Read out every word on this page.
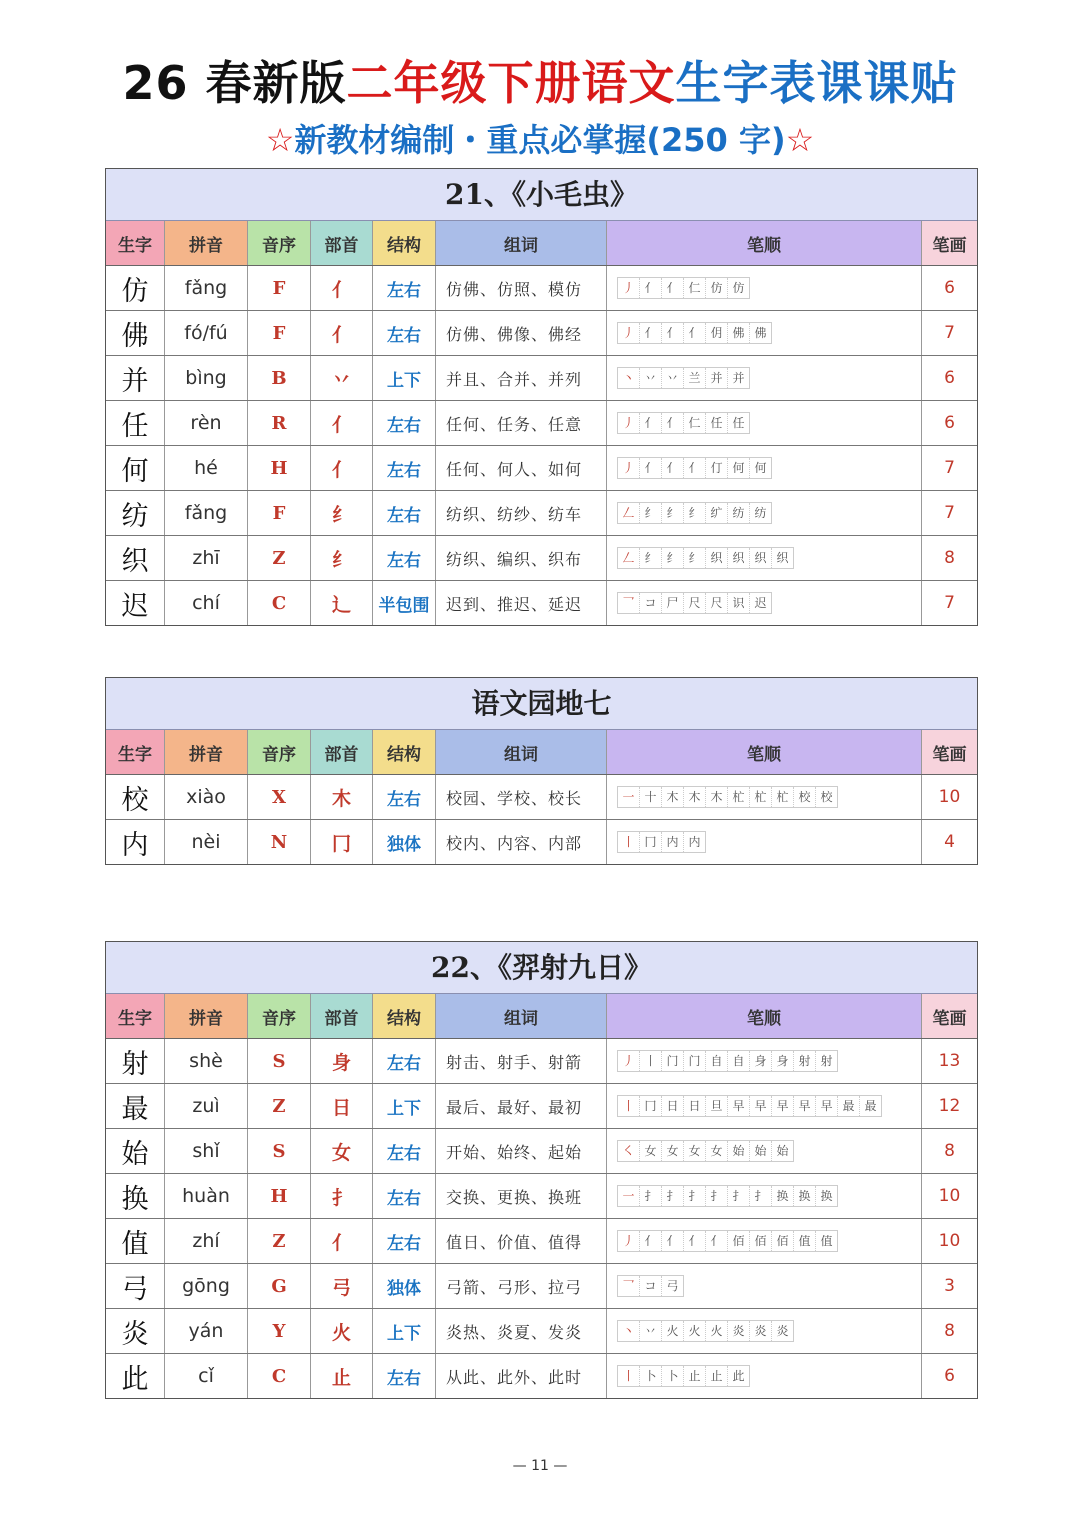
26 春新版二年级下册语文生字表课课贴
☆新教材编制・重点必掌握(250 字)☆
21、《小毛虫》
生字	拼音	音序	部首	结构	组词	笔顺	笔画
仿	fǎng	F	亻	左右	仿佛、仿照、模仿	丿 亻 亻 仁 仿 仿	6
佛	fó/fú	F	亻	左右	仿佛、佛像、佛经	丿 亻 亻 亻 仴 佛 佛	7
并	bìng	B	丷	上下	并且、合并、并列	丶 丷 丷 兰 并 并	6
任	rèn	R	亻	左右	任何、任务、任意	丿 亻 亻 仁 任 任	6
何	hé	H	亻	左右	任何、何人、如何	丿 亻 亻 亻 仃 何 何	7
纺	fǎng	F	纟	左右	纺织、纺纱、纺车	𠃋 纟 纟 纟 纩 纺 纺	7
织	zhī	Z	纟	左右	纺织、编织、织布	𠃋 纟 纟 纟 织 织 织 织	8
迟	chí	C	辶	半包围	迟到、推迟、延迟	乛 コ 尸 尺 尺 识 迟	7
语文园地七
生字	拼音	音序	部首	结构	组词	笔顺	笔画
校	xiào	X	木	左右	校园、学校、校长	一 十 木 木 木 杧 杧 杧 校 校	10
内	nèi	N	冂	独体	校内、内容、内部	丨 冂 内 内	4
22、《羿射九日》
生字	拼音	音序	部首	结构	组词	笔顺	笔画
射	shè	S	身	左右	射击、射手、射箭	丿 丨 门 门 自 自 身 身 射 射	13
最	zuì	Z	日	上下	最后、最好、最初	丨 冂 日 日 旦 早 早 早 早 早 最 最	12
始	shǐ	S	女	左右	开始、始终、起始	㇛ 女 女 女 女 始 始 始	8
换	huàn	H	扌	左右	交换、更换、换班	一 扌 扌 扌 扌 扌 扌 换 换 换	10
值	zhí	Z	亻	左右	值日、价值、值得	丿 亻 亻 亻 亻 佰 佰 佰 值 值	10
弓	gōng	G	弓	独体	弓箭、弓形、拉弓	乛 コ 弓	3
炎	yán	Y	火	上下	炎热、炎夏、发炎	丶 丷 火 火 火 炎 炎 炎	8
此	cǐ	C	止	左右	从此、此外、此时	丨 卜 卜 止 止 此	6
— 11 —
